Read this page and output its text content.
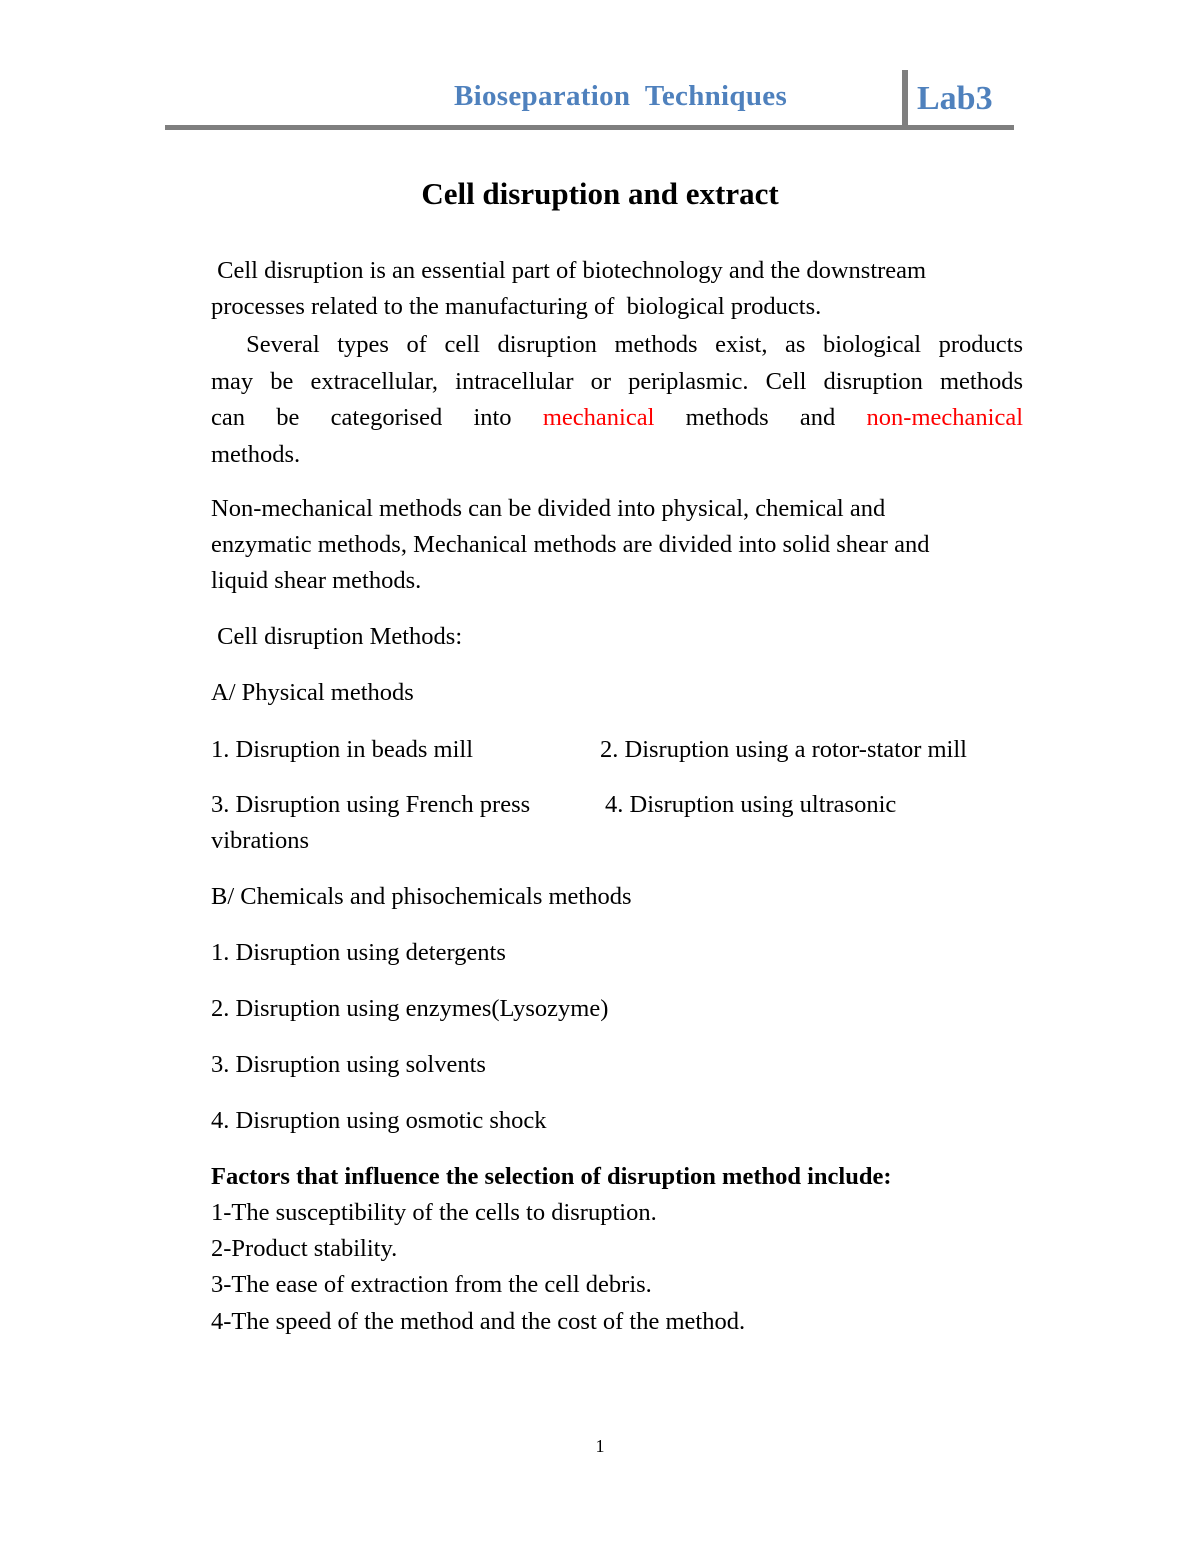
Bioseparation  Techniques	Lab3
Cell disruption and extract
Cell disruption is an essential part of biotechnology and the downstream
processes related to the manufacturing of  biological products.
Several types of cell disruption methods exist, as biological products
may be extracellular, intracellular or periplasmic. Cell disruption methods
can be categorised into mechanical methods and non-mechanical
methods.
Non-mechanical methods can be divided into physical, chemical and
enzymatic methods, Mechanical methods are divided into solid shear and
liquid shear methods.
Cell disruption Methods:
A/ Physical methods
1. Disruption in beads mill	2. Disruption using a rotor-stator mill
3. Disruption using French press	4. Disruption using ultrasonic
vibrations
B/ Chemicals and phisochemicals methods
1. Disruption using detergents
2. Disruption using enzymes(Lysozyme)
3. Disruption using solvents
4. Disruption using osmotic shock
Factors that influence the selection of disruption method include:
1-The susceptibility of the cells to disruption.
2-Product stability.
3-The ease of extraction from the cell debris.
4-The speed of the method and the cost of the method.
1
